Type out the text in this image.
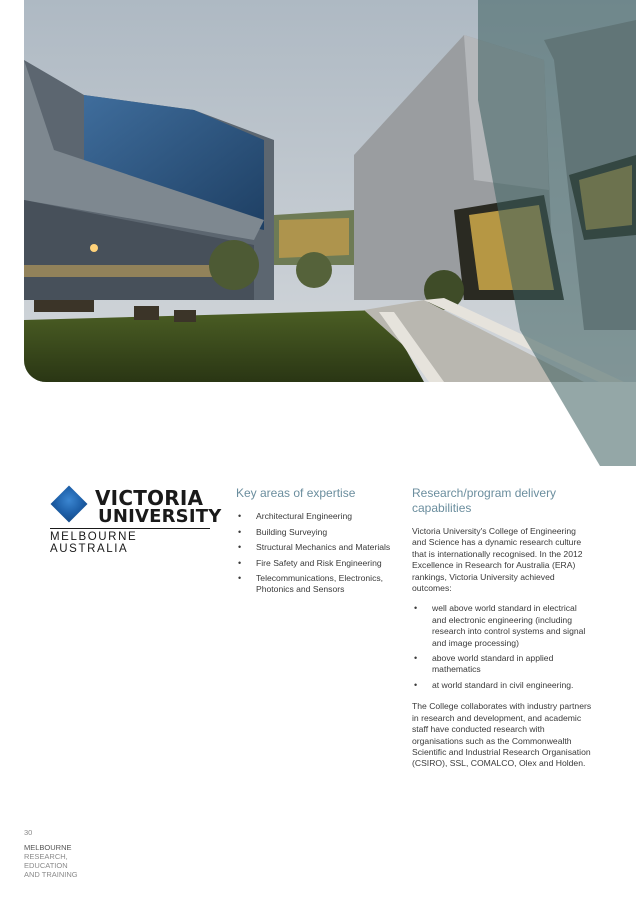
VICTORIA
UNIVERSITY
MELBOURNE AUSTRALIA
Key areas of expertise
• Architectural Engineering
• Building Surveying
• Structural Mechanics and Materials
• Fire Safety and Risk Engineering
• Telecommunications, Electronics, Photonics and Sensors
Research/program delivery capabilities

Victoria University's College of Engineering and Science has a dynamic research culture that is internationally recognised. In the 2012 Excellence in Research for Australia (ERA) rankings, Victoria University achieved outcomes:

• well above world standard in electrical and electronic engineering (including research into control systems and signal and image processing)
• above world standard in applied mathematics
• at world standard in civil engineering.

The College collaborates with industry partners in research and development, and academic staff have conducted research with organisations such as the Commonwealth Scientific and Industrial Research Organisation (CSIRO), SSL, COMALCO, Olex and Holden.

30
MELBOURNE
RESEARCH,
EDUCATION
AND TRAINING
